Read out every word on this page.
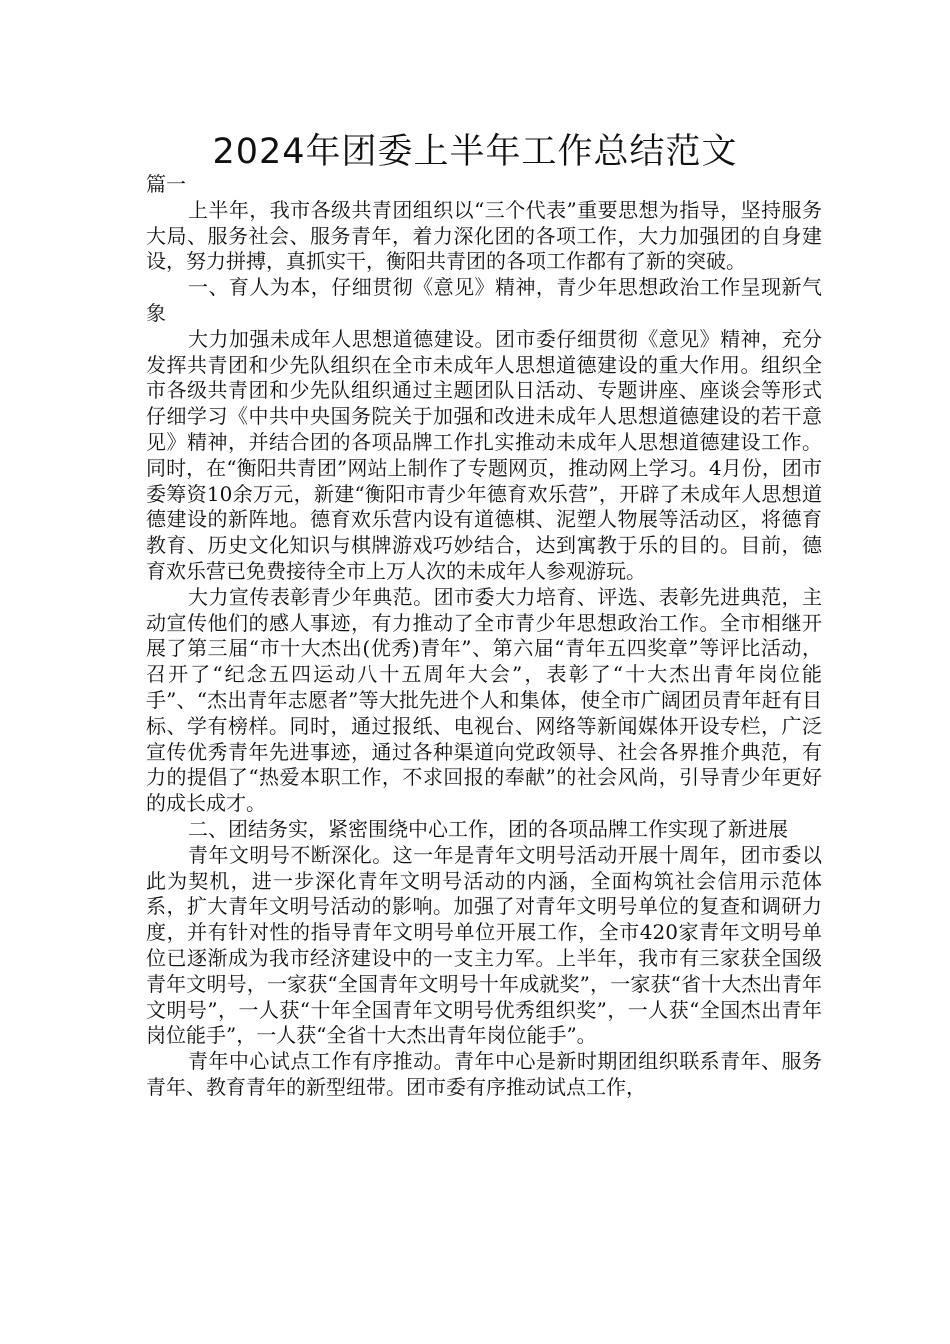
2024年团委上半年工作总结范文

篇一

上半年，我市各级共青团组织以“三个代表”重要思想为指导，坚持服务大局、服务社会、服务青年，着力深化团的各项工作，大力加强团的自身建设，努力拼搏，真抓实干，衡阳共青团的各项工作都有了新的突破。

一、育人为本，仔细贯彻《意见》精神，青少年思想政治工作呈现新气象

大力加强未成年人思想道德建设。团市委仔细贯彻《意见》精神，充分发挥共青团和少先队组织在全市未成年人思想道德建设的重大作用。组织全市各级共青团和少先队组织通过主题团队日活动、专题讲座、座谈会等形式仔细学习《中共中央国务院关于加强和改进未成年人思想道德建设的若干意见》精神，并结合团的各项品牌工作扎实推动未成年人思想道德建设工作。同时，在“衡阳共青团”网站上制作了专题网页，推动网上学习。4月份，团市委筹资10余万元，新建“衡阳市青少年德育欢乐营”，开辟了未成年人思想道德建设的新阵地。德育欢乐营内设有道德棋、泥塑人物展等活动区，将德育教育、历史文化知识与棋牌游戏巧妙结合，达到寓教于乐的目的。目前，德育欢乐营已免费接待全市上万人次的未成年人参观游玩。

大力宣传表彰青少年典范。团市委大力培育、评选、表彰先进典范，主动宣传他们的感人事迹，有力推动了全市青少年思想政治工作。全市相继开展了第三届“市十大杰出(优秀)青年”、第六届“青年五四奖章”等评比活动，召开了“纪念五四运动八十五周年大会”，表彰了“十大杰出青年岗位能手”、“杰出青年志愿者”等大批先进个人和集体，使全市广阔团员青年赶有目标、学有榜样。同时，通过报纸、电视台、网络等新闻媒体开设专栏，广泛宣传优秀青年先进事迹，通过各种渠道向党政领导、社会各界推介典范，有力的提倡了“热爱本职工作，不求回报的奉献”的社会风尚，引导青少年更好的成长成才。

二、团结务实，紧密围绕中心工作，团的各项品牌工作实现了新进展

青年文明号不断深化。这一年是青年文明号活动开展十周年，团市委以此为契机，进一步深化青年文明号活动的内涵，全面构筑社会信用示范体系，扩大青年文明号活动的影响。加强了对青年文明号单位的复查和调研力度，并有针对性的指导青年文明号单位开展工作，全市420家青年文明号单位已逐渐成为我市经济建设中的一支主力军。上半年，我市有三家获全国级青年文明号，一家获“全国青年文明号十年成就奖”，一家获“省十大杰出青年文明号”，一人获“十年全国青年文明号优秀组织奖”，一人获“全国杰出青年岗位能手”，一人获“全省十大杰出青年岗位能手”。

青年中心试点工作有序推动。青年中心是新时期团组织联系青年、服务青年、教育青年的新型纽带。团市委有序推动试点工作，
